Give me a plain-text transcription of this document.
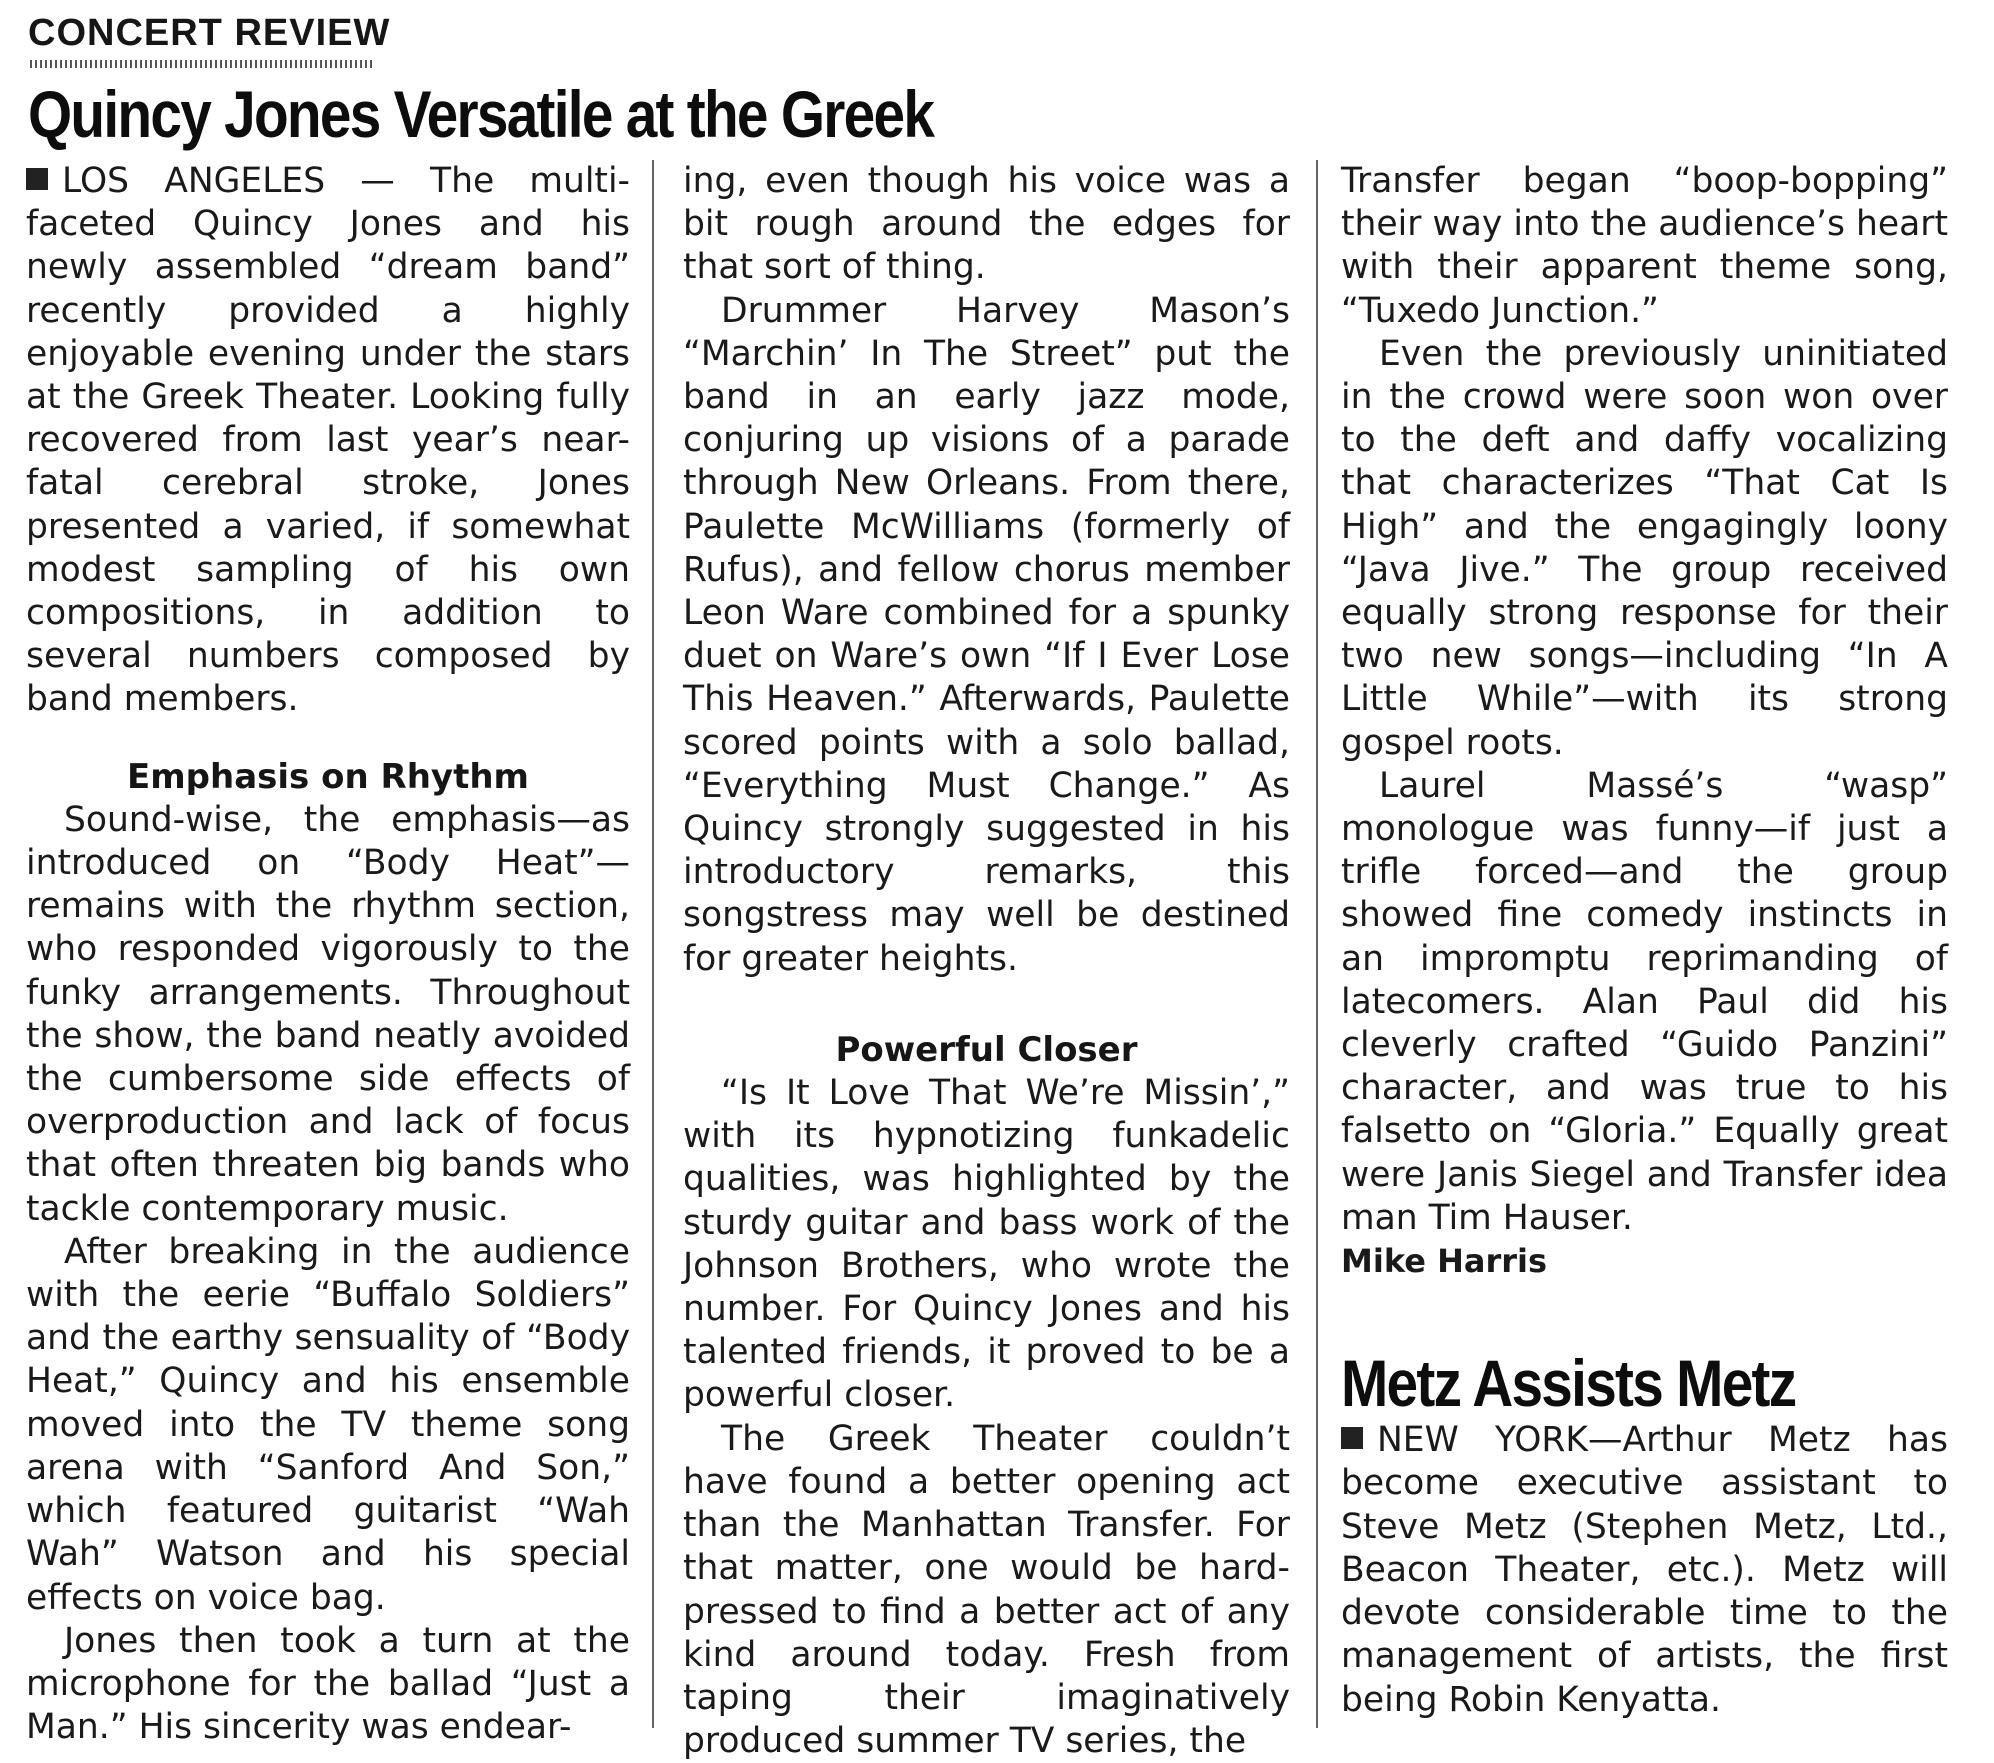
CONCERT REVIEW
Quincy Jones Versatile at the Greek

LOS ANGELES — The multi-faceted Quincy Jones and his newly assembled “dream band” recently provided a highly enjoyable evening under the stars at the Greek Theater. Looking fully recovered from last year’s near-fatal cerebral stroke, Jones presented a varied, if somewhat modest sampling of his own compositions, in addition to several numbers composed by band members.

Emphasis on Rhythm

Sound-wise, the emphasis—as introduced on “Body Heat”—remains with the rhythm section, who responded vigorously to the funky arrangements. Throughout the show, the band neatly avoided the cumbersome side effects of overproduction and lack of focus that often threaten big bands who tackle contemporary music.

After breaking in the audience with the eerie “Buffalo Soldiers” and the earthy sensuality of “Body Heat,” Quincy and his ensemble moved into the TV theme song arena with “Sanford And Son,” which featured guitarist “Wah Wah” Watson and his special effects on voice bag.

Jones then took a turn at the microphone for the ballad “Just a Man.” His sincerity was endear-

ing, even though his voice was a bit rough around the edges for that sort of thing.

Drummer Harvey Mason’s “Marchin’ In The Street” put the band in an early jazz mode, conjuring up visions of a parade through New Orleans. From there, Paulette McWilliams (formerly of Rufus), and fellow chorus member Leon Ware combined for a spunky duet on Ware’s own “If I Ever Lose This Heaven.” Afterwards, Paulette scored points with a solo ballad, “Everything Must Change.” As Quincy strongly suggested in his introductory remarks, this songstress may well be destined for greater heights.

Powerful Closer

“Is It Love That We’re Missin’,” with its hypnotizing funkadelic qualities, was highlighted by the sturdy guitar and bass work of the Johnson Brothers, who wrote the number. For Quincy Jones and his talented friends, it proved to be a powerful closer.

The Greek Theater couldn’t have found a better opening act than the Manhattan Transfer. For that matter, one would be hard-pressed to find a better act of any kind around today. Fresh from taping their imaginatively produced summer TV series, the

Transfer began “boop-bopping” their way into the audience’s heart with their apparent theme song, “Tuxedo Junction.”

Even the previously uninitiated in the crowd were soon won over to the deft and daffy vocalizing that characterizes “That Cat Is High” and the engagingly loony “Java Jive.” The group received equally strong response for their two new songs—including “In A Little While”—with its strong gospel roots.

Laurel Massé’s “wasp” monologue was funny—if just a trifle forced—and the group showed fine comedy instincts in an impromptu reprimanding of latecomers. Alan Paul did his cleverly crafted “Guido Panzini” character, and was true to his falsetto on “Gloria.” Equally great were Janis Siegel and Transfer idea man Tim Hauser.

Mike Harris

Metz Assists Metz

NEW YORK—Arthur Metz has become executive assistant to Steve Metz (Stephen Metz, Ltd., Beacon Theater, etc.). Metz will devote considerable time to the management of artists, the first being Robin Kenyatta.
